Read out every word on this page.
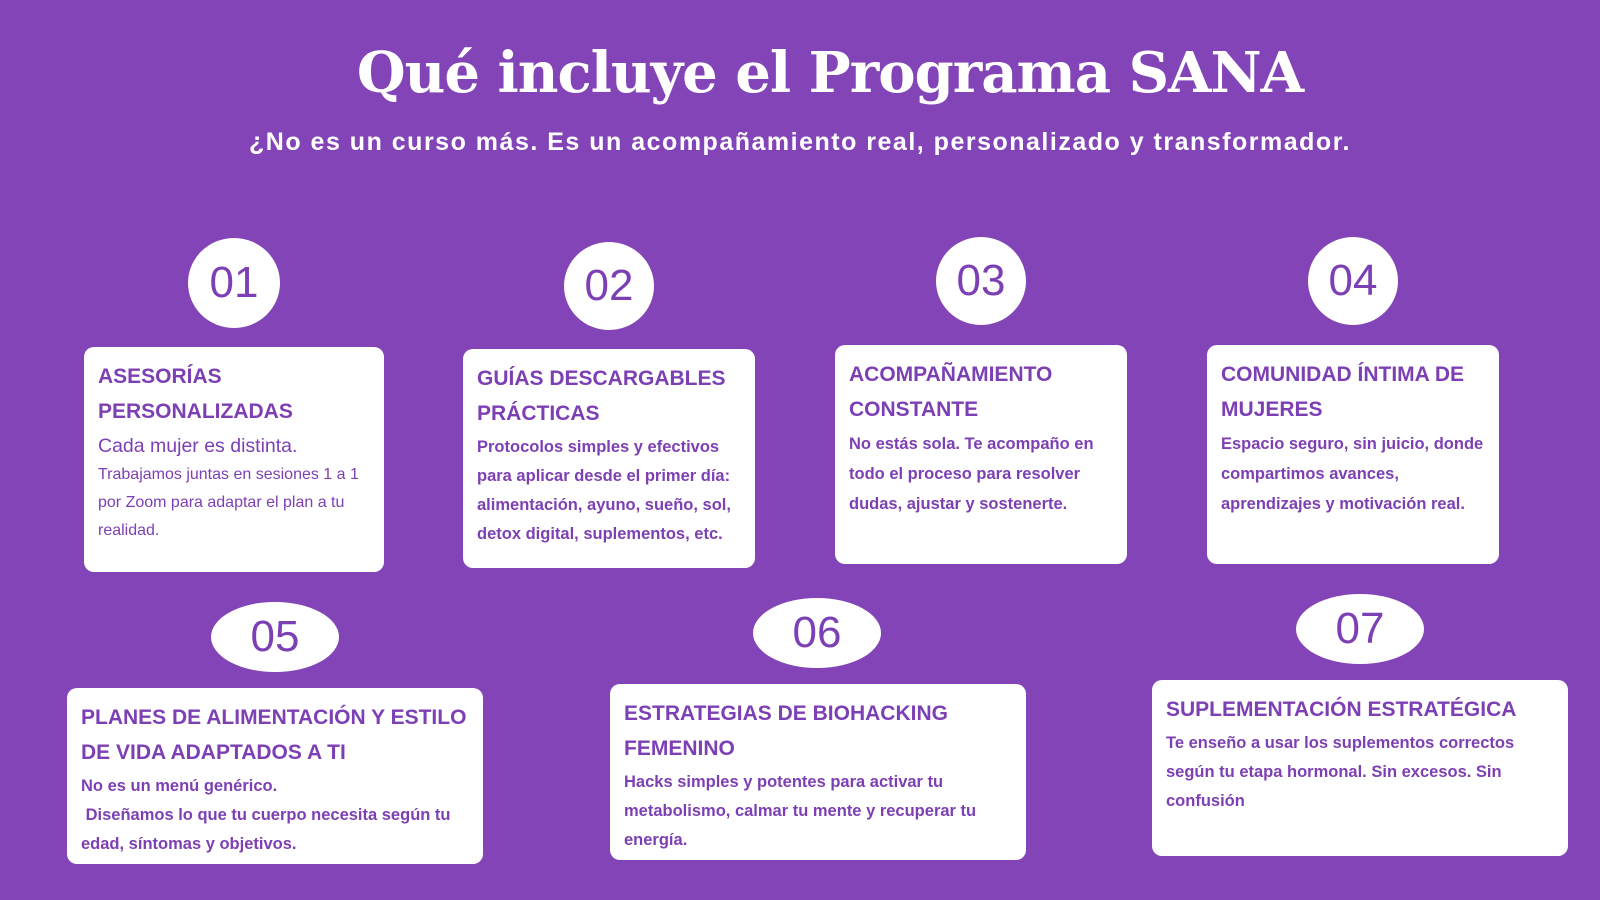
Qué incluye el Programa SANA

¿No es un curso más. Es un acompañamiento real, personalizado y transformador.

01
ASESORÍAS PERSONALIZADAS

Cada mujer es distinta.

Trabajamos juntas en sesiones 1 a 1 por Zoom para adaptar el plan a tu realidad.

02
GUÍAS DESCARGABLES PRÁCTICAS

Protocolos simples y efectivos para aplicar desde el primer día: alimentación, ayuno, sueño, sol, detox digital, suplementos, etc.

03
ACOMPAÑAMIENTO CONSTANTE

No estás sola. Te acompaño en todo el proceso para resolver dudas, ajustar y sostenerte.

04
COMUNIDAD ÍNTIMA DE MUJERES

Espacio seguro, sin juicio, donde compartimos avances, aprendizajes y motivación real.

05
PLANES DE ALIMENTACIÓN Y ESTILO DE VIDA ADAPTADOS A TI

No es un menú genérico.

Diseñamos lo que tu cuerpo necesita según tu edad, síntomas y objetivos.

06
ESTRATEGIAS DE BIOHACKING FEMENINO

Hacks simples y potentes para activar tu metabolismo, calmar tu mente y recuperar tu energía.

07
SUPLEMENTACIÓN ESTRATÉGICA

Te enseño a usar los suplementos correctos según tu etapa hormonal. Sin excesos. Sin confusión
